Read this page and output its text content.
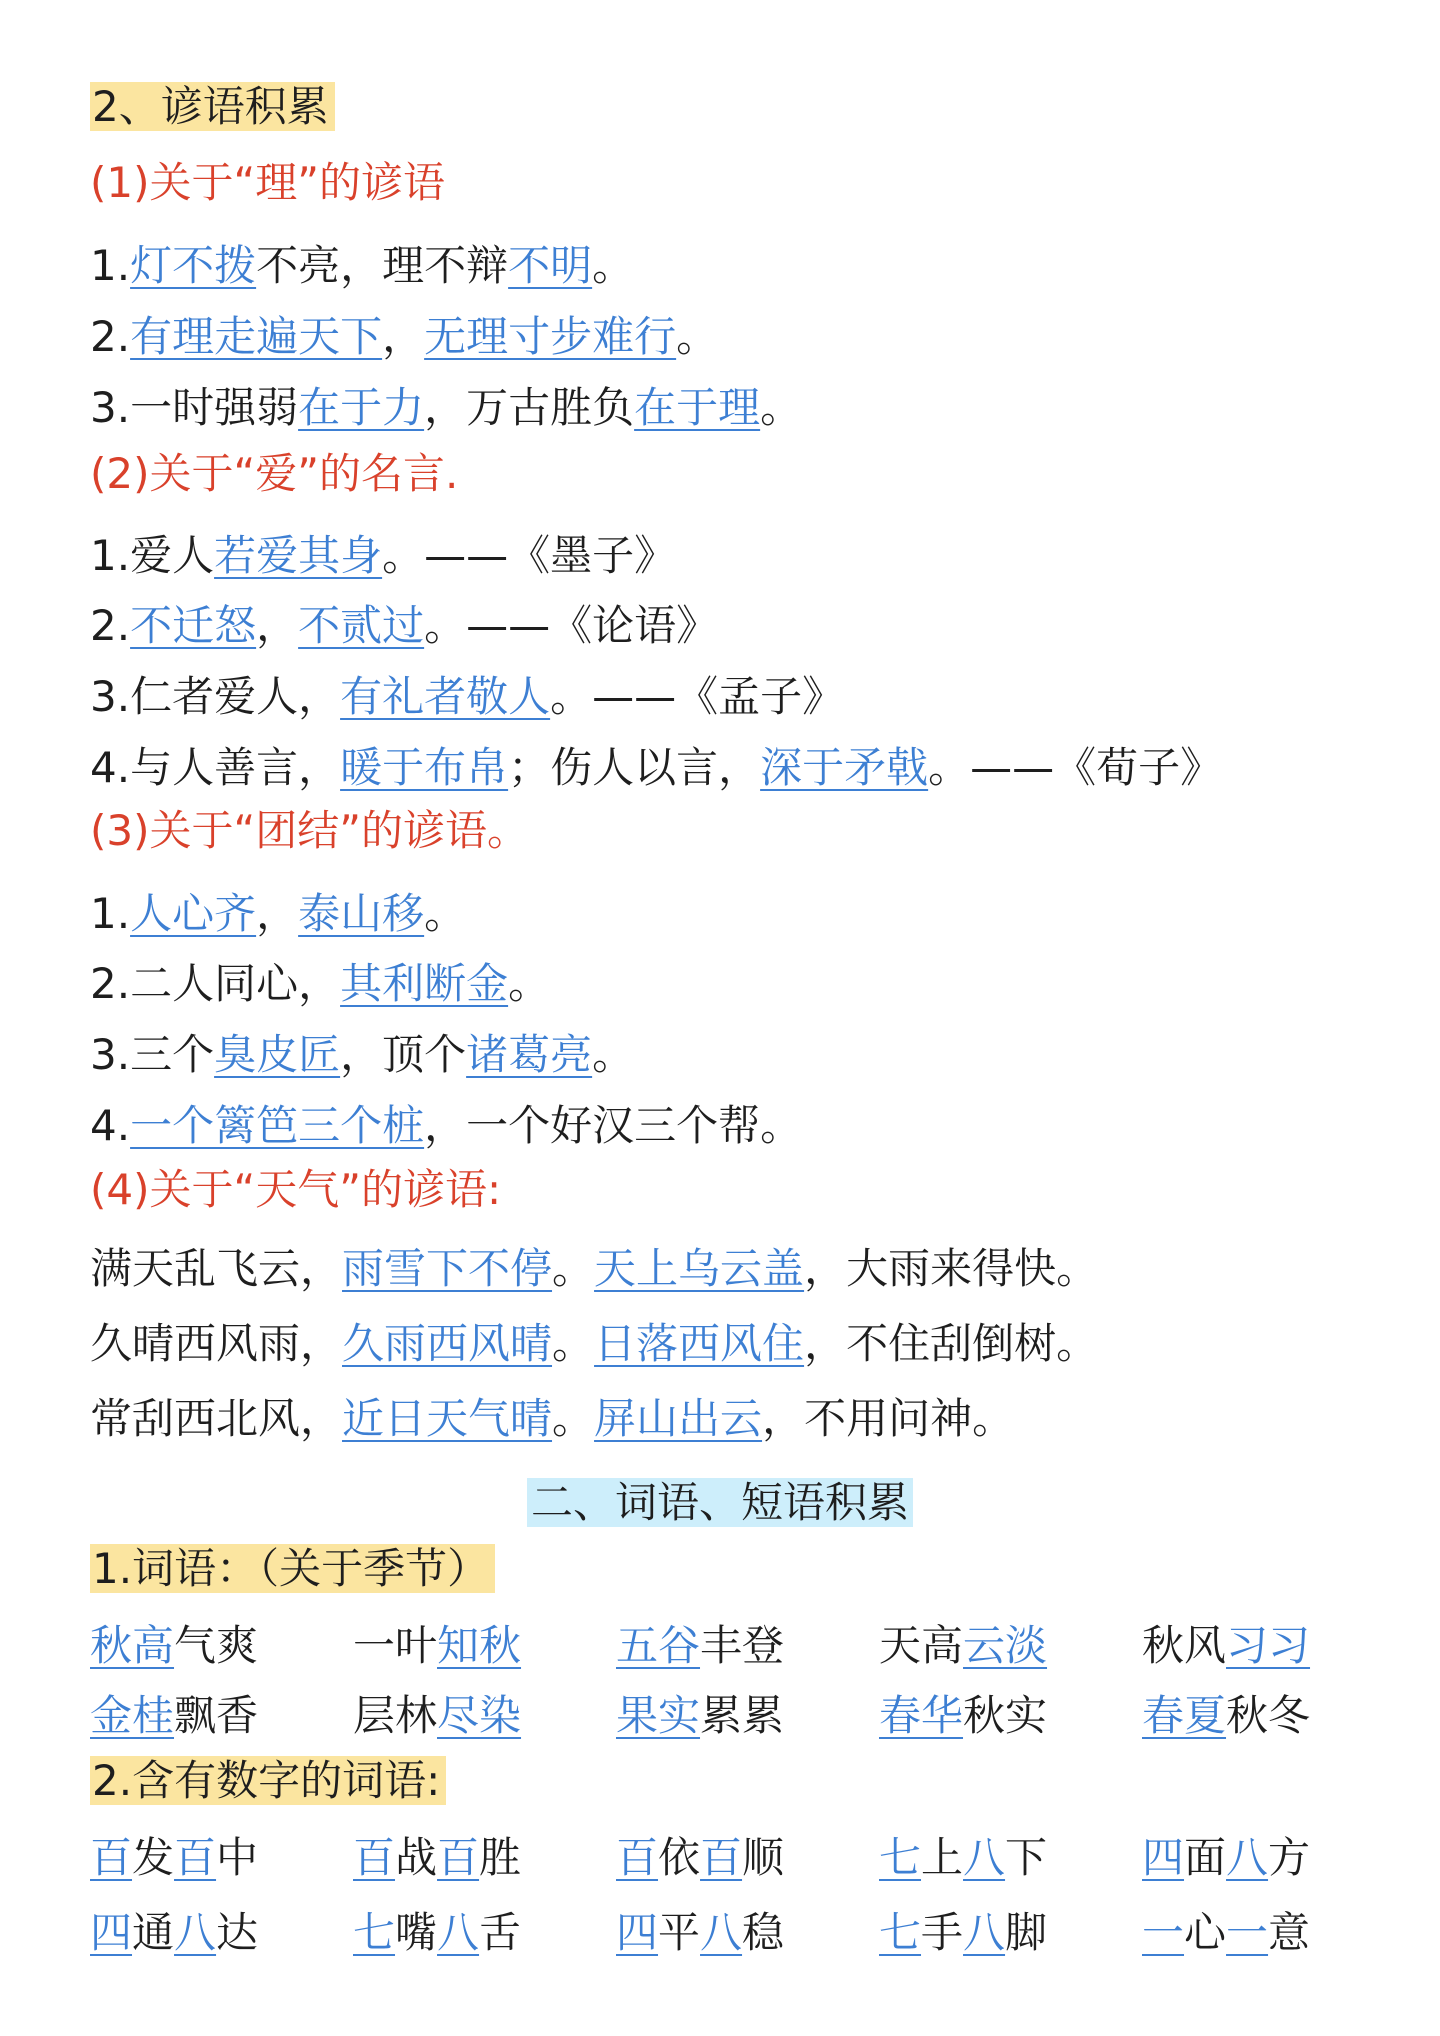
2、谚语积累
(1)关于“理”的谚语
1.灯不拨不亮，理不辩不明。
2.有理走遍天下，无理寸步难行。
3.一时强弱在于力，万古胜负在于理。
(2)关于“爱”的名言.
1.爱人若爱其身。——《墨子》
2.不迁怒，不贰过。——《论语》
3.仁者爱人，有礼者敬人。——《孟子》
4.与人善言，暖于布帛；伤人以言，深于矛戟。——《荀子》
(3)关于“团结”的谚语。
1.人心齐，泰山移。
2.二人同心，其利断金。
3.三个臭皮匠，顶个诸葛亮。
4.一个篱笆三个桩，一个好汉三个帮。
(4)关于“天气”的谚语:
满天乱飞云，雨雪下不停。天上乌云盖，大雨来得快。
久晴西风雨，久雨西风晴。日落西风住，不住刮倒树。
常刮西北风，近日天气晴。屏山出云，不用问神。
二、词语、短语积累
1.词语：（关于季节）
秋高气爽	一叶知秋	五谷丰登	天高云淡	秋风习习
金桂飘香	层林尽染	果实累累	春华秋实	春夏秋冬
2.含有数字的词语:
百发百中	百战百胜	百依百顺	七上八下	四面八方
四通八达	七嘴八舌	四平八稳	七手八脚	一心一意
